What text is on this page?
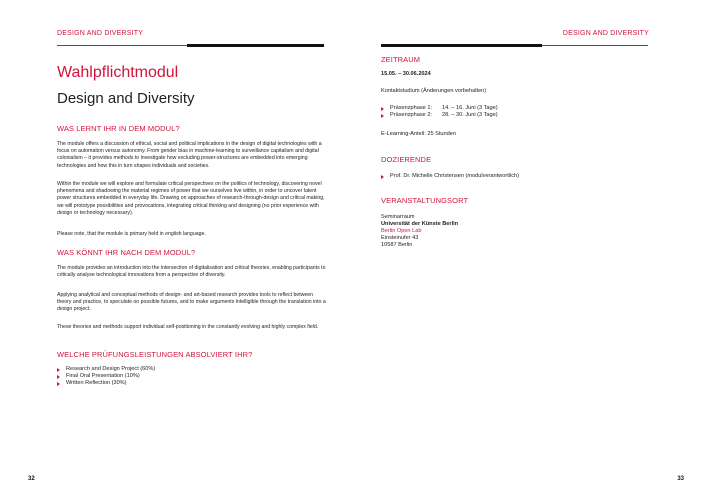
DESIGN AND DIVERSITY
Wahlpflichtmodul
Design and Diversity
WAS LERNT IHR IN DEM MODUL?
The module offers a discussion of ethical, social and political implications in the design of digital technologies with a focus on automation versus autonomy. From gender bias in machine-learning to surveillance capitalism and digital colonialism – it provides methods to investigate how excluding power-structures are embedded into emerging technologies and how this in turn shapes individuals and societies.
Within the module we will explore and formulate critical perspectives on the politics of technology, discovering novel phenomena and shadowing the material regimes of power that we ourselves live within, in order to uncover latent power structures embedded in everyday life. Drawing on approaches of research-through-design and critical making, we will prototype possibilities and provocations, integrating critical thinking and designing (no prior experience with design or technology necessary).
Please note, that the module is primary held in english language.
WAS KÖNNT IHR NACH DEM MODUL?
The module provides an introduction into the intersection of digitalisation and critical theories, enabling participants to critically analyse technological innovations from a perspective of diversity.
Applying analytical and conceptual methods of design- and art-based research provides tools to reflect between theory and practice, to speculate on possible futures, and to make arguments intelligible through the translation into a design project.
These theories and methods support individual self-positioning in the constantly evolving and highly complex field.
WELCHE PRÜFUNGSLEISTUNGEN ABSOLVIERT IHR?
Research and Design Project (60%)
Final Oral Presentation (10%)
Written Reflection (30%)
32
DESIGN AND DIVERSITY
ZEITRAUM
15.05. – 30.06.2024
Kontaktstudium (Änderungen vorbehalten)
Präsenzphase 1: 14. – 16. Juni (3 Tage)
Präsenzphase 2: 28. – 30. Juni (3 Tage)
E-Learning-Anteil: 25 Stunden
DOZIERENDE
Prof. Dr. Michelle Christensen (modulverantwortlich)
VERANSTALTUNGSORT
Seminarraum
Universität der Künste Berlin
Berlin Open Lab
Einsteinufer 43
10587 Berlin
33
